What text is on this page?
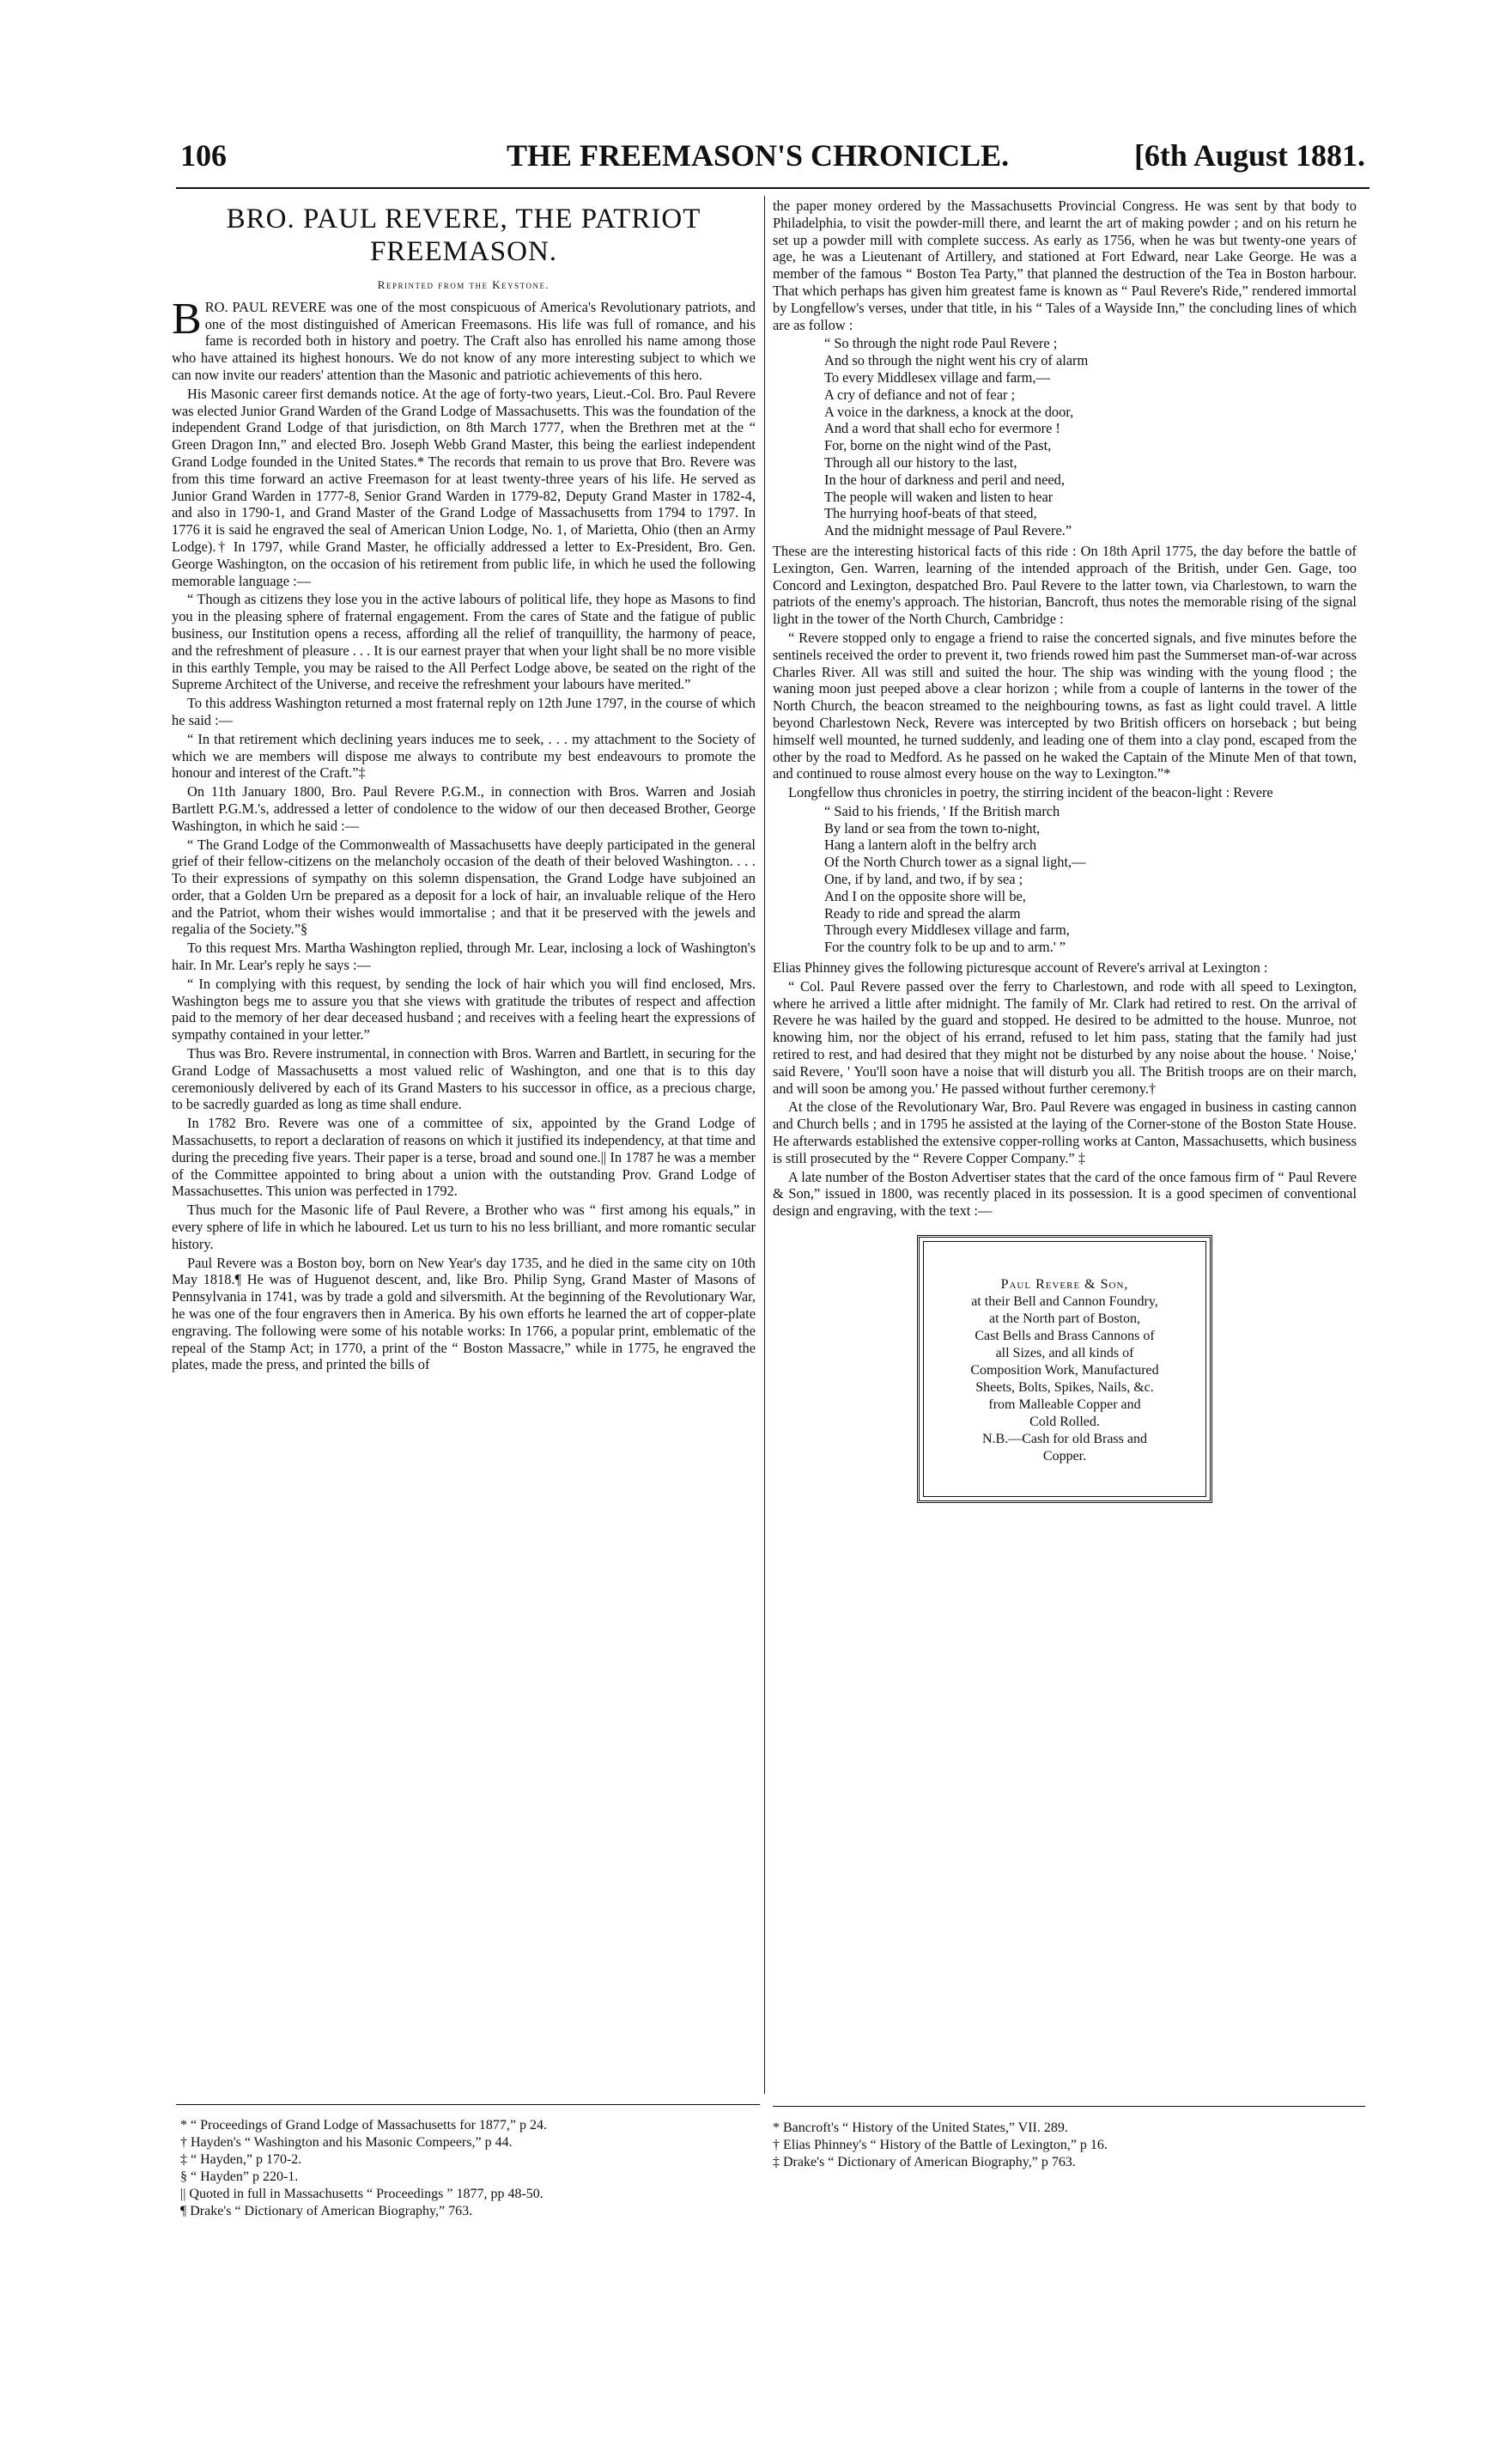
106	THE FREEMASON'S CHRONICLE.	[6th August 1881.
BRO. PAUL REVERE, THE PATRIOT
FREEMASON.
Reprinted from the Keystone.

BRO. PAUL REVERE was one of the most conspicuous of America's Revolutionary patriots, and one of the most distinguished of American Freemasons. His life was full of romance, and his fame is recorded both in history and poetry. The Craft also has enrolled his name among those who have attained its highest honours. We do not know of any more interesting subject to which we can now invite our readers' attention than the Masonic and patriotic achievements of this hero.

His Masonic career first demands notice. At the age of forty-two years, Lieut.-Col. Bro. Paul Revere was elected Junior Grand Warden of the Grand Lodge of Massachusetts. This was the foundation of the independent Grand Lodge of that jurisdiction, on 8th March 1777, when the Brethren met at the “ Green Dragon Inn,” and elected Bro. Joseph Webb Grand Master, this being the earliest independent Grand Lodge founded in the United States.* The records that remain to us prove that Bro. Revere was from this time forward an active Freemason for at least twenty-three years of his life. He served as Junior Grand Warden in 1777-8, Senior Grand Warden in 1779-82, Deputy Grand Master in 1782-4, and also in 1790-1, and Grand Master of the Grand Lodge of Massachusetts from 1794 to 1797. In 1776 it is said he engraved the seal of American Union Lodge, No. 1, of Marietta, Ohio (then an Army Lodge).† In 1797, while Grand Master, he officially addressed a letter to Ex-President, Bro. Gen. George Washington, on the occasion of his retirement from public life, in which he used the following memorable language :—

“ Though as citizens they lose you in the active labours of political life, they hope as Masons to find you in the pleasing sphere of fraternal engagement. From the cares of State and the fatigue of public business, our Institution opens a recess, affording all the relief of tranquillity, the harmony of peace, and the refreshment of pleasure . . . It is our earnest prayer that when your light shall be no more visible in this earthly Temple, you may be raised to the All Perfect Lodge above, be seated on the right of the Supreme Architect of the Universe, and receive the refreshment your labours have merited.”

To this address Washington returned a most fraternal reply on 12th June 1797, in the course of which he said :—

“ In that retirement which declining years induces me to seek, . . . my attachment to the Society of which we are members will dispose me always to contribute my best endeavours to promote the honour and interest of the Craft.”‡

On 11th January 1800, Bro. Paul Revere P.G.M., in connection with Bros. Warren and Josiah Bartlett P.G.M.'s, addressed a letter of condolence to the widow of our then deceased Brother, George Washington, in which he said :—

“ The Grand Lodge of the Commonwealth of Massachusetts have deeply participated in the general grief of their fellow-citizens on the melancholy occasion of the death of their beloved Washington. . . . To their expressions of sympathy on this solemn dispensation, the Grand Lodge have subjoined an order, that a Golden Urn be prepared as a deposit for a lock of hair, an invaluable relique of the Hero and the Patriot, whom their wishes would immortalise ; and that it be preserved with the jewels and regalia of the Society.”§

To this request Mrs. Martha Washington replied, through Mr. Lear, inclosing a lock of Washington's hair. In Mr. Lear's reply he says :—

“ In complying with this request, by sending the lock of hair which you will find enclosed, Mrs. Washington begs me to assure you that she views with gratitude the tributes of respect and affection paid to the memory of her dear deceased husband ; and receives with a feeling heart the expressions of sympathy contained in your letter.”

Thus was Bro. Revere instrumental, in connection with Bros. Warren and Bartlett, in securing for the Grand Lodge of Massachusetts a most valued relic of Washington, and one that is to this day ceremoniously delivered by each of its Grand Masters to his successor in office, as a precious charge, to be sacredly guarded as long as time shall endure.

In 1782 Bro. Revere was one of a committee of six, appointed by the Grand Lodge of Massachusetts, to report a declaration of reasons on which it justified its independency, at that time and during the preceding five years. Their paper is a terse, broad and sound one.|| In 1787 he was a member of the Committee appointed to bring about a union with the outstanding Prov. Grand Lodge of Massachusettes. This union was perfected in 1792.

Thus much for the Masonic life of Paul Revere, a Brother who was “ first among his equals,” in every sphere of life in which he laboured. Let us turn to his no less brilliant, and more romantic secular history.

Paul Revere was a Boston boy, born on New Year's day 1735, and he died in the same city on 10th May 1818.¶ He was of Huguenot descent, and, like Bro. Philip Syng, Grand Master of Masons of Pennsylvania in 1741, was by trade a gold and silversmith. At the beginning of the Revolutionary War, he was one of the four engravers then in America. By his own efforts he learned the art of copper-plate engraving. The following were some of his notable works: In 1766, a popular print, emblematic of the repeal of the Stamp Act; in 1770, a print of the “ Boston Massacre,” while in 1775, he engraved the plates, made the press, and printed the bills of

the paper money ordered by the Massachusetts Provincial Congress. He was sent by that body to Philadelphia, to visit the powder-mill there, and learnt the art of making powder ; and on his return he set up a powder mill with complete success. As early as 1756, when he was but twenty-one years of age, he was a Lieutenant of Artillery, and stationed at Fort Edward, near Lake George. He was a member of the famous “ Boston Tea Party,” that planned the destruction of the Tea in Boston harbour. That which perhaps has given him greatest fame is known as “ Paul Revere's Ride,” rendered immortal by Longfellow's verses, under that title, in his “ Tales of a Wayside Inn,” the concluding lines of which are as follow :

“ So through the night rode Paul Revere ;
And so through the night went his cry of alarm
To every Middlesex village and farm,—
A cry of defiance and not of fear ;
A voice in the darkness, a knock at the door,
And a word that shall echo for evermore !
For, borne on the night wind of the Past,
Through all our history to the last,
In the hour of darkness and peril and need,
The people will waken and listen to hear
The hurrying hoof-beats of that steed,
And the midnight message of Paul Revere.”

These are the interesting historical facts of this ride : On 18th April 1775, the day before the battle of Lexington, Gen. Warren, learning of the intended approach of the British, under Gen. Gage, too Concord and Lexington, despatched Bro. Paul Revere to the latter town, via Charlestown, to warn the patriots of the enemy's approach. The historian, Bancroft, thus notes the memorable rising of the signal light in the tower of the North Church, Cambridge :

“ Revere stopped only to engage a friend to raise the concerted signals, and five minutes before the sentinels received the order to prevent it, two friends rowed him past the Summerset man-of-war across Charles River. All was still and suited the hour. The ship was winding with the young flood ; the waning moon just peeped above a clear horizon ; while from a couple of lanterns in the tower of the North Church, the beacon streamed to the neighbouring towns, as fast as light could travel. A little beyond Charlestown Neck, Revere was intercepted by two British officers on horseback ; but being himself well mounted, he turned suddenly, and leading one of them into a clay pond, escaped from the other by the road to Medford. As he passed on he waked the Captain of the Minute Men of that town, and continued to rouse almost every house on the way to Lexington.”*

Longfellow thus chronicles in poetry, the stirring incident of the beacon-light : Revere

“ Said to his friends, ' If the British march
By land or sea from the town to-night,
Hang a lantern aloft in the belfry arch
Of the North Church tower as a signal light,—
One, if by land, and two, if by sea ;
And I on the opposite shore will be,
Ready to ride and spread the alarm
Through every Middlesex village and farm,
For the country folk to be up and to arm.' ”

Elias Phinney gives the following picturesque account of Revere's arrival at Lexington :

“ Col. Paul Revere passed over the ferry to Charlestown, and rode with all speed to Lexington, where he arrived a little after midnight. The family of Mr. Clark had retired to rest. On the arrival of Revere he was hailed by the guard and stopped. He desired to be admitted to the house. Munroe, not knowing him, nor the object of his errand, refused to let him pass, stating that the family had just retired to rest, and had desired that they might not be disturbed by any noise about the house. ' Noise,' said Revere, ' You'll soon have a noise that will disturb you all. The British troops are on their march, and will soon be among you.' He passed without further ceremony.†

At the close of the Revolutionary War, Bro. Paul Revere was engaged in business in casting cannon and Church bells ; and in 1795 he assisted at the laying of the Corner-stone of the Boston State House. He afterwards established the extensive copper-rolling works at Canton, Massachusetts, which business is still prosecuted by the “ Revere Copper Company.” ‡

A late number of the Boston Advertiser states that the card of the once famous firm of “ Paul Revere & Son,” issued in 1800, was recently placed in its possession. It is a good specimen of conventional design and engraving, with the text :—

Paul Revere & Son,
at their Bell and Cannon Foundry,
at the North part of Boston,
Cast Bells and Brass Cannons of
all Sizes, and all kinds of
Composition Work, Manufactured
Sheets, Bolts, Spikes, Nails, &c.
from Malleable Copper and
Cold Rolled.
N.B.—Cash for old Brass and
Copper.
* “ Proceedings of Grand Lodge of Massachusetts for 1877,” p 24.
† Hayden's “ Washington and his Masonic Compeers,” p 44.
‡ “ Hayden,” p 170-2.
§ “ Hayden” p 220-1.
|| Quoted in full in Massachusetts “ Proceedings ” 1877, pp 48-50.
¶ Drake's “ Dictionary of American Biography,” 763.
* Bancroft's “ History of the United States,” VII. 289.
† Elias Phinney's “ History of the Battle of Lexington,” p 16.
‡ Drake's “ Dictionary of American Biography,” p 763.
